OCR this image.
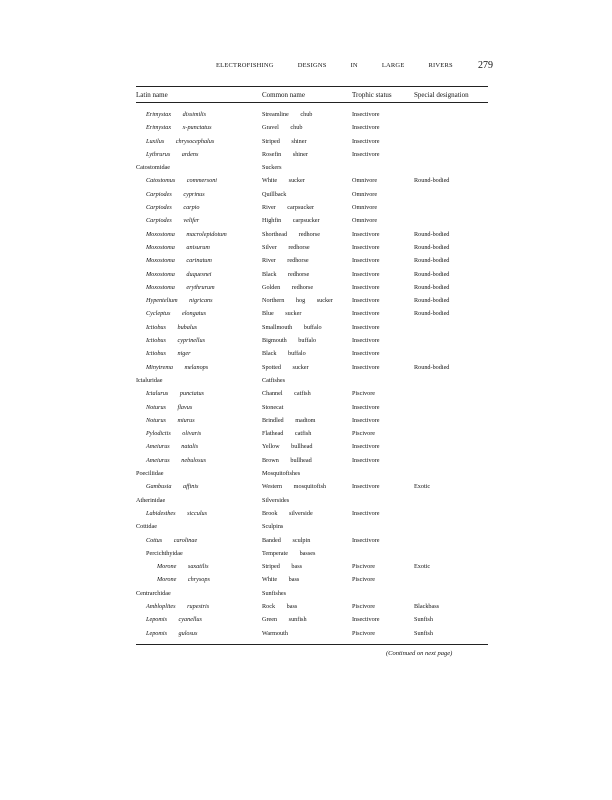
ELECTROFISHING	DESIGNS	IN	LARGE	RIVERS	279
Latin name	Common name	Trophic status	Special designation
Erimystax dissimilis	Streamline chub	Insectivore
Erimystax x-punctatus	Gravel chub	Insectivore
Luxilus chrysocephalus	Striped shiner	Insectivore
Lythrurus ardens	Rosefin shiner	Insectivore
Catostomidae	Suckers
Catostomus commersoni	White sucker	Omnivore	Round-bodied
Carpiodes cyprinus	Quillback	Omnivore
Carpiodes carpio	River carpsucker	Omnivore
Carpiodes velifer	Highfin carpsucker	Omnivore
Moxostoma macrolepidotum	Shorthead redhorse	Insectivore	Round-bodied
Moxostoma anisurum	Silver redhorse	Insectivore	Round-bodied
Moxostoma carinatum	River redhorse	Insectivore	Round-bodied
Moxostoma duquesnei	Black redhorse	Insectivore	Round-bodied
Moxostoma erythrurum	Golden redhorse	Insectivore	Round-bodied
Hypentelium nigricans	Northern hog sucker	Insectivore	Round-bodied
Cycleptus elongatus	Blue sucker	Insectivore	Round-bodied
Ictiobus bubalus	Smallmouth buffalo	Insectivore
Ictiobus cyprinellus	Bigmouth buffalo	Insectivore
Ictiobus niger	Black buffalo	Insectivore
Minytrema melanops	Spotted sucker	Insectivore	Round-bodied
Ictaluridae	Catfishes
Ictalurus punctatus	Channel catfish	Piscivore
Noturus flavus	Stonecat	Insectivore
Noturus miurus	Brindled madtom	Insectivore
Pylodictis olivaris	Flathead catfish	Piscivore
Ameiurus natalis	Yellow bullhead	Insectivore
Ameiurus nebulosus	Brown bullhead	Insectivore
Poeciliidae	Mosquitofishes
Gambusia affinis	Western mosquitofish	Insectivore	Exotic
Atherinidae	Silversides
Labidesthes sicculus	Brook silverside	Insectivore
Cottidae	Sculpins
Cottus carolinae	Banded sculpin	Insectivore
Percichthyidae	Temperate basses
Morone saxatilis	Striped bass	Piscivore	Exotic
Morone chrysops	White bass	Piscivore
Centrarchidae	Sunfishes
Ambloplites rupestris	Rock bass	Piscivore	Blackbass
Lepomis cyanellus	Green sunfish	Insectivore	Sunfish
Lepomis gulosus	Warmouth	Piscivore	Sunfish
(Continued on next page)
